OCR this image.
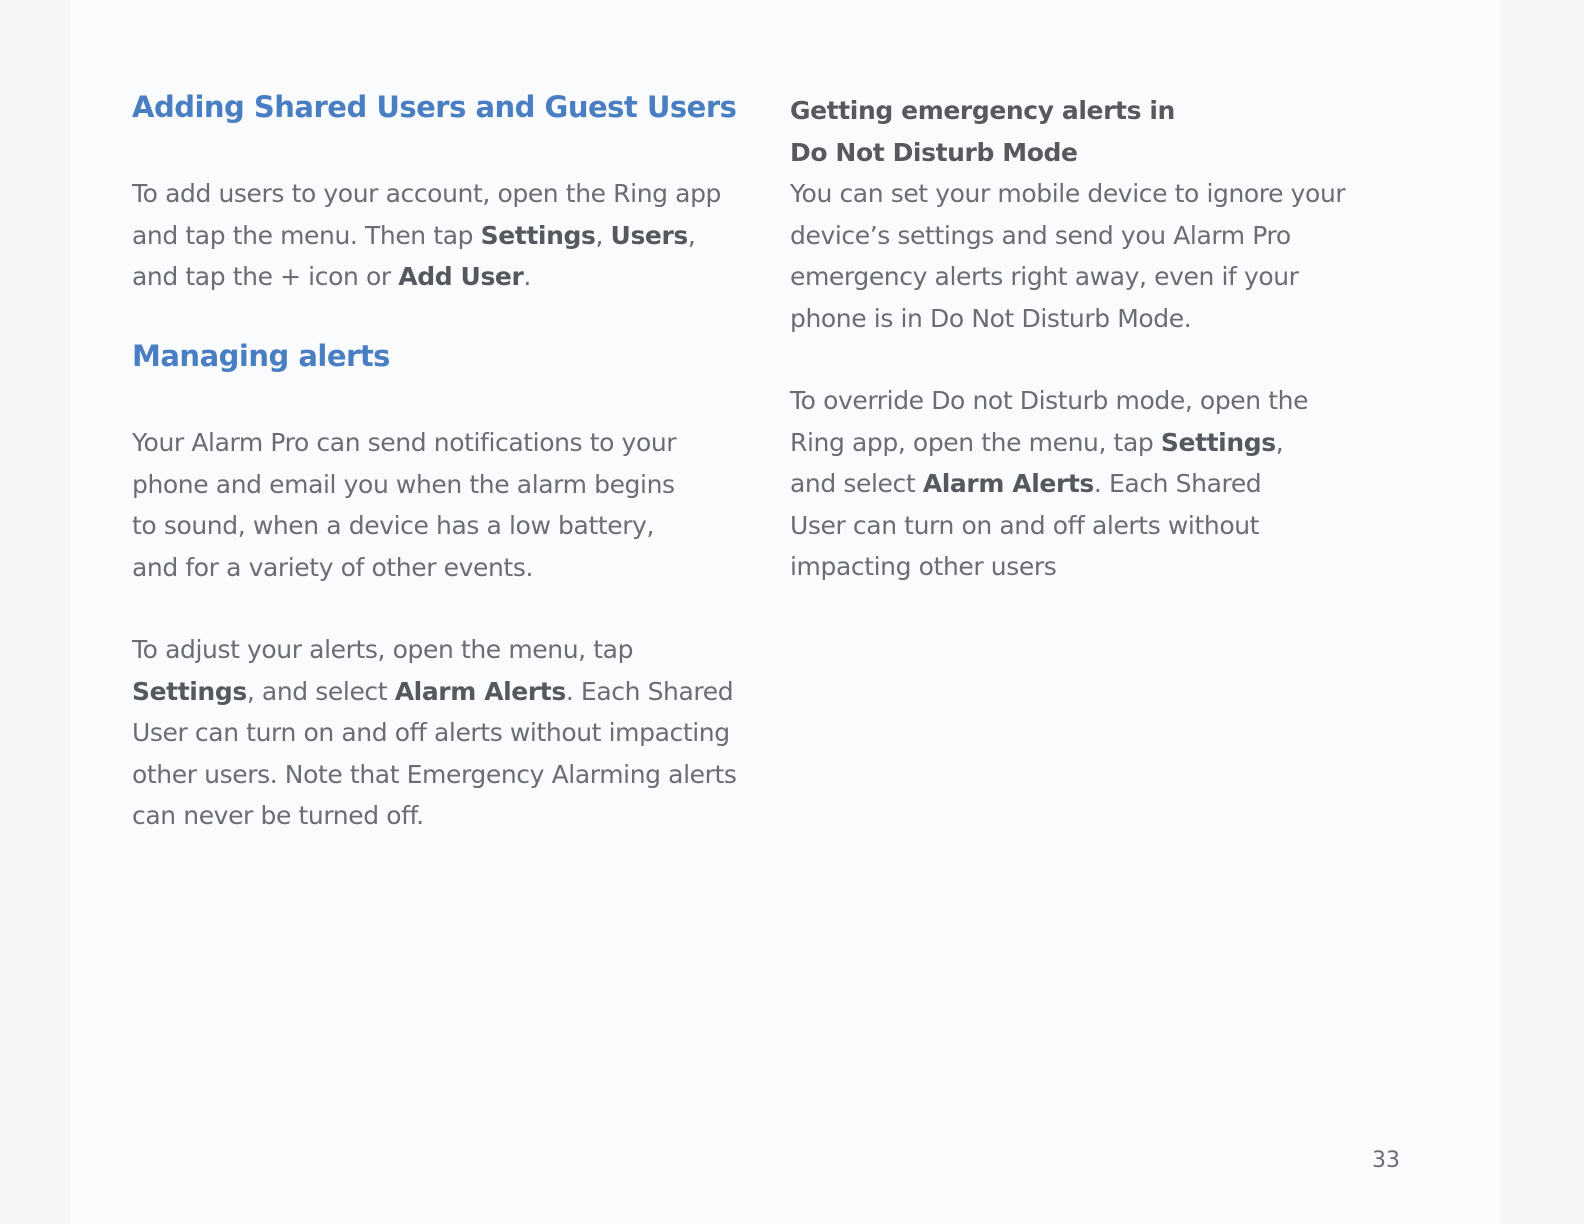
Adding Shared Users and Guest Users

To add users to your account, open the Ring app and tap the menu. Then tap Settings, Users, and tap the + icon or Add User.

Managing alerts

Your Alarm Pro can send notifications to your phone and email you when the alarm begins to sound, when a device has a low battery, and for a variety of other events.

To adjust your alerts, open the menu, tap Settings, and select Alarm Alerts. Each Shared User can turn on and off alerts without impacting other users. Note that Emergency Alarming alerts can never be turned off.

Getting emergency alerts in
Do Not Disturb Mode

You can set your mobile device to ignore your device’s settings and send you Alarm Pro emergency alerts right away, even if your phone is in Do Not Disturb Mode.

To override Do not Disturb mode, open the Ring app, open the menu, tap Settings, and select Alarm Alerts. Each Shared User can turn on and off alerts without impacting other users

33
